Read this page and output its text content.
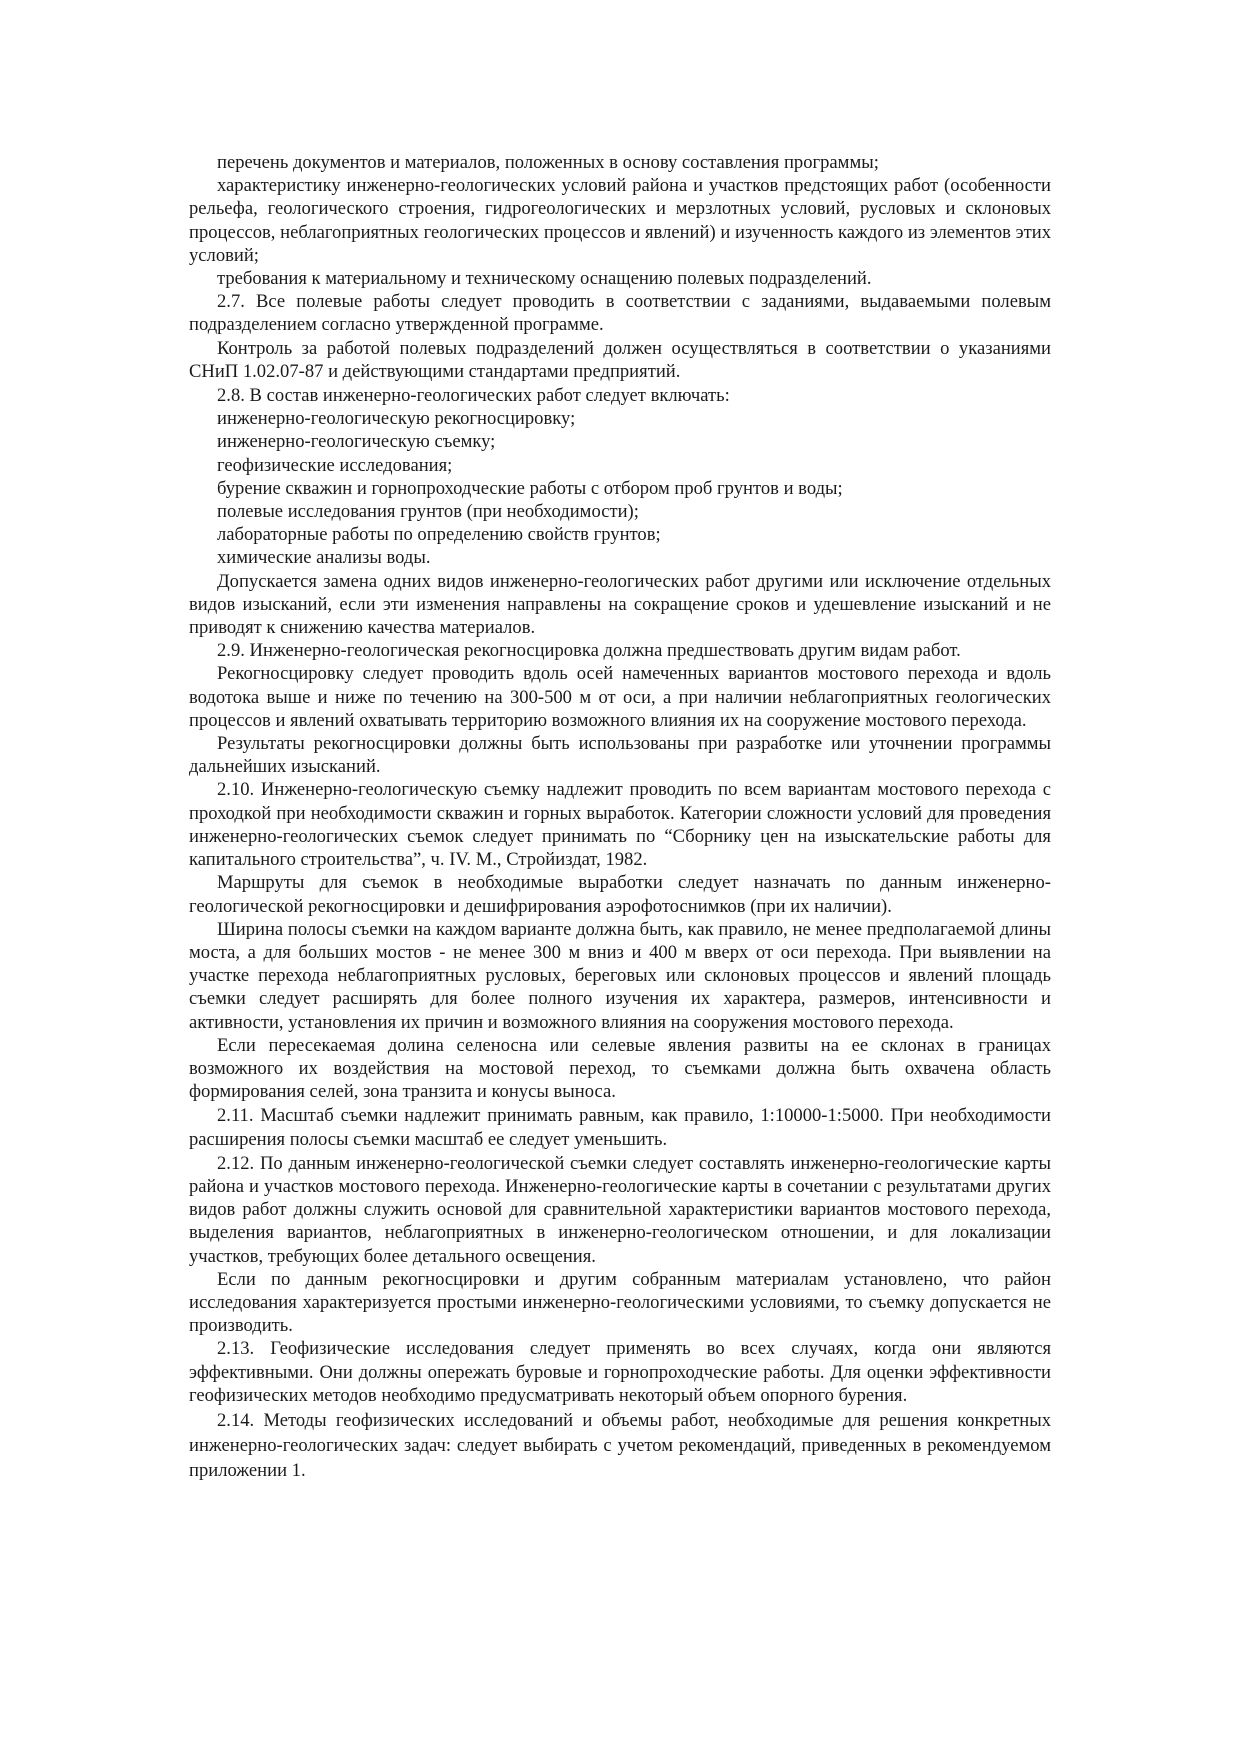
перечень документов и материалов, положенных в основу составления программы;

характеристику инженерно-геологических условий района и участков предстоящих работ (особенности рельефа, геологического строения, гидрогеологических и мерзлотных условий, русловых и склоновых процессов, неблагоприятных геологических процессов и явлений) и изученность каждого из элементов этих условий;

требования к материальному и техническому оснащению полевых подразделений.

2.7. Все полевые работы следует проводить в соответствии с заданиями, выдаваемыми полевым подразделением согласно утвержденной программе.

Контроль за работой полевых подразделений должен осуществляться в соответствии о указаниями СНиП 1.02.07-87 и действующими стандартами предприятий.

2.8. В состав инженерно-геологических работ следует включать:

инженерно-геологическую рекогносцировку;

инженерно-геологическую съемку;

геофизические исследования;

бурение скважин и горнопроходческие работы с отбором проб грунтов и воды;

полевые исследования грунтов (при необходимости);

лабораторные работы по определению свойств грунтов;

химические анализы воды.

Допускается замена одних видов инженерно-геологических работ другими или исключение отдельных видов изысканий, если эти изменения направлены на сокращение сроков и удешевление изысканий и не приводят к снижению качества материалов.

2.9. Инженерно-геологическая рекогносцировка должна предшествовать другим видам работ.

Рекогносцировку следует проводить вдоль осей намеченных вариантов мостового перехода и вдоль водотока выше и ниже по течению на 300-500 м от оси, а при наличии неблагоприятных геологических процессов и явлений охватывать территорию возможного влияния их на сооружение мостового перехода.

Результаты рекогносцировки должны быть использованы при разработке или уточнении программы дальнейших изысканий.

2.10. Инженерно-геологическую съемку надлежит проводить по всем вариантам мостового перехода с проходкой при необходимости скважин и горных выработок. Категории сложности условий для проведения инженерно-геологических съемок следует принимать по “Сборнику цен на изыскательские работы для капитального строительства”, ч. IV. М., Стройиздат, 1982.

Маршруты для съемок в необходимые выработки следует назначать по данным инженерно-геологической рекогносцировки и дешифрирования аэрофотоснимков (при их наличии).

Ширина полосы съемки на каждом варианте должна быть, как правило, не менее предполагаемой длины моста, а для больших мостов - не менее 300 м вниз и 400 м вверх от оси перехода. При выявлении на участке перехода неблагоприятных русловых, береговых или склоновых процессов и явлений площадь съемки следует расширять для более полного изучения их характера, размеров, интенсивности и активности, установления их причин и возможного влияния на сооружения мостового перехода.

Если пересекаемая долина селеносна или селевые явления развиты на ее склонах в границах возможного их воздействия на мостовой переход, то съемками должна быть охвачена область формирования селей, зона транзита и конусы выноса.

2.11. Масштаб съемки надлежит принимать равным, как правило, 1:10000-1:5000. При необходимости расширения полосы съемки масштаб ее следует уменьшить.

2.12. По данным инженерно-геологической съемки следует составлять инженерно-геологические карты района и участков мостового перехода. Инженерно-геологические карты в сочетании с результатами других видов работ должны служить основой для сравнительной характеристики вариантов мостового перехода, выделения вариантов, неблагоприятных в инженерно-геологическом отношении, и для локализации участков, требующих более детального освещения.

Если по данным рекогносцировки и другим собранным материалам установлено, что район исследования характеризуется простыми инженерно-геологическими условиями, то съемку допускается не производить.

2.13. Геофизические исследования следует применять во всех случаях, когда они являются эффективными. Они должны опережать буровые и горнопроходческие работы. Для оценки эффективности геофизических методов необходимо предусматривать некоторый объем опорного бурения.

2.14. Методы геофизических исследований и объемы работ, необходимые для решения конкретных инженерно-геологических задач: следует выбирать с учетом рекомендаций, приведенных в рекомендуемом приложении 1.
